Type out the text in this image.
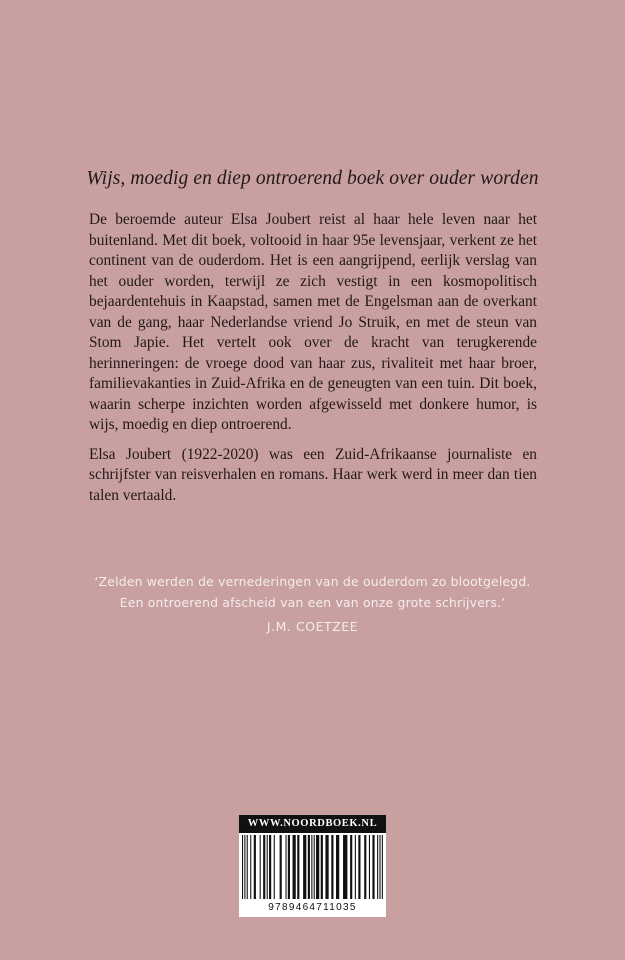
Wijs, moedig en diep ontroerend boek over ouder worden

De beroemde auteur Elsa Joubert reist al haar hele leven naar het buitenland. Met dit boek, voltooid in haar 95e levensjaar, verkent ze het continent van de ouderdom. Het is een aangrijpend, eerlijk verslag van het ouder worden, terwijl ze zich vestigt in een kosmopolitisch bejaardentehuis in Kaapstad, samen met de Engelsman aan de overkant van de gang, haar Nederlandse vriend Jo Struik, en met de steun van Stom Japie. Het vertelt ook over de kracht van terugkerende herinneringen: de vroege dood van haar zus, rivaliteit met haar broer, familievakanties in Zuid-Afrika en de geneugten van een tuin. Dit boek, waarin scherpe inzichten worden afgewisseld met donkere humor, is wijs, moedig en diep ontroerend.

Elsa Joubert (1922-2020) was een Zuid-Afrikaanse journaliste en schrijfster van reisverhalen en romans. Haar werk werd in meer dan tien talen vertaald.

‘Zelden werden de vernederingen van de ouderdom zo blootgelegd.
Een ontroerend afscheid van een van onze grote schrijvers.’
J.M. COETZEE
WWW.NOORDBOEK.NL
9789464711035
